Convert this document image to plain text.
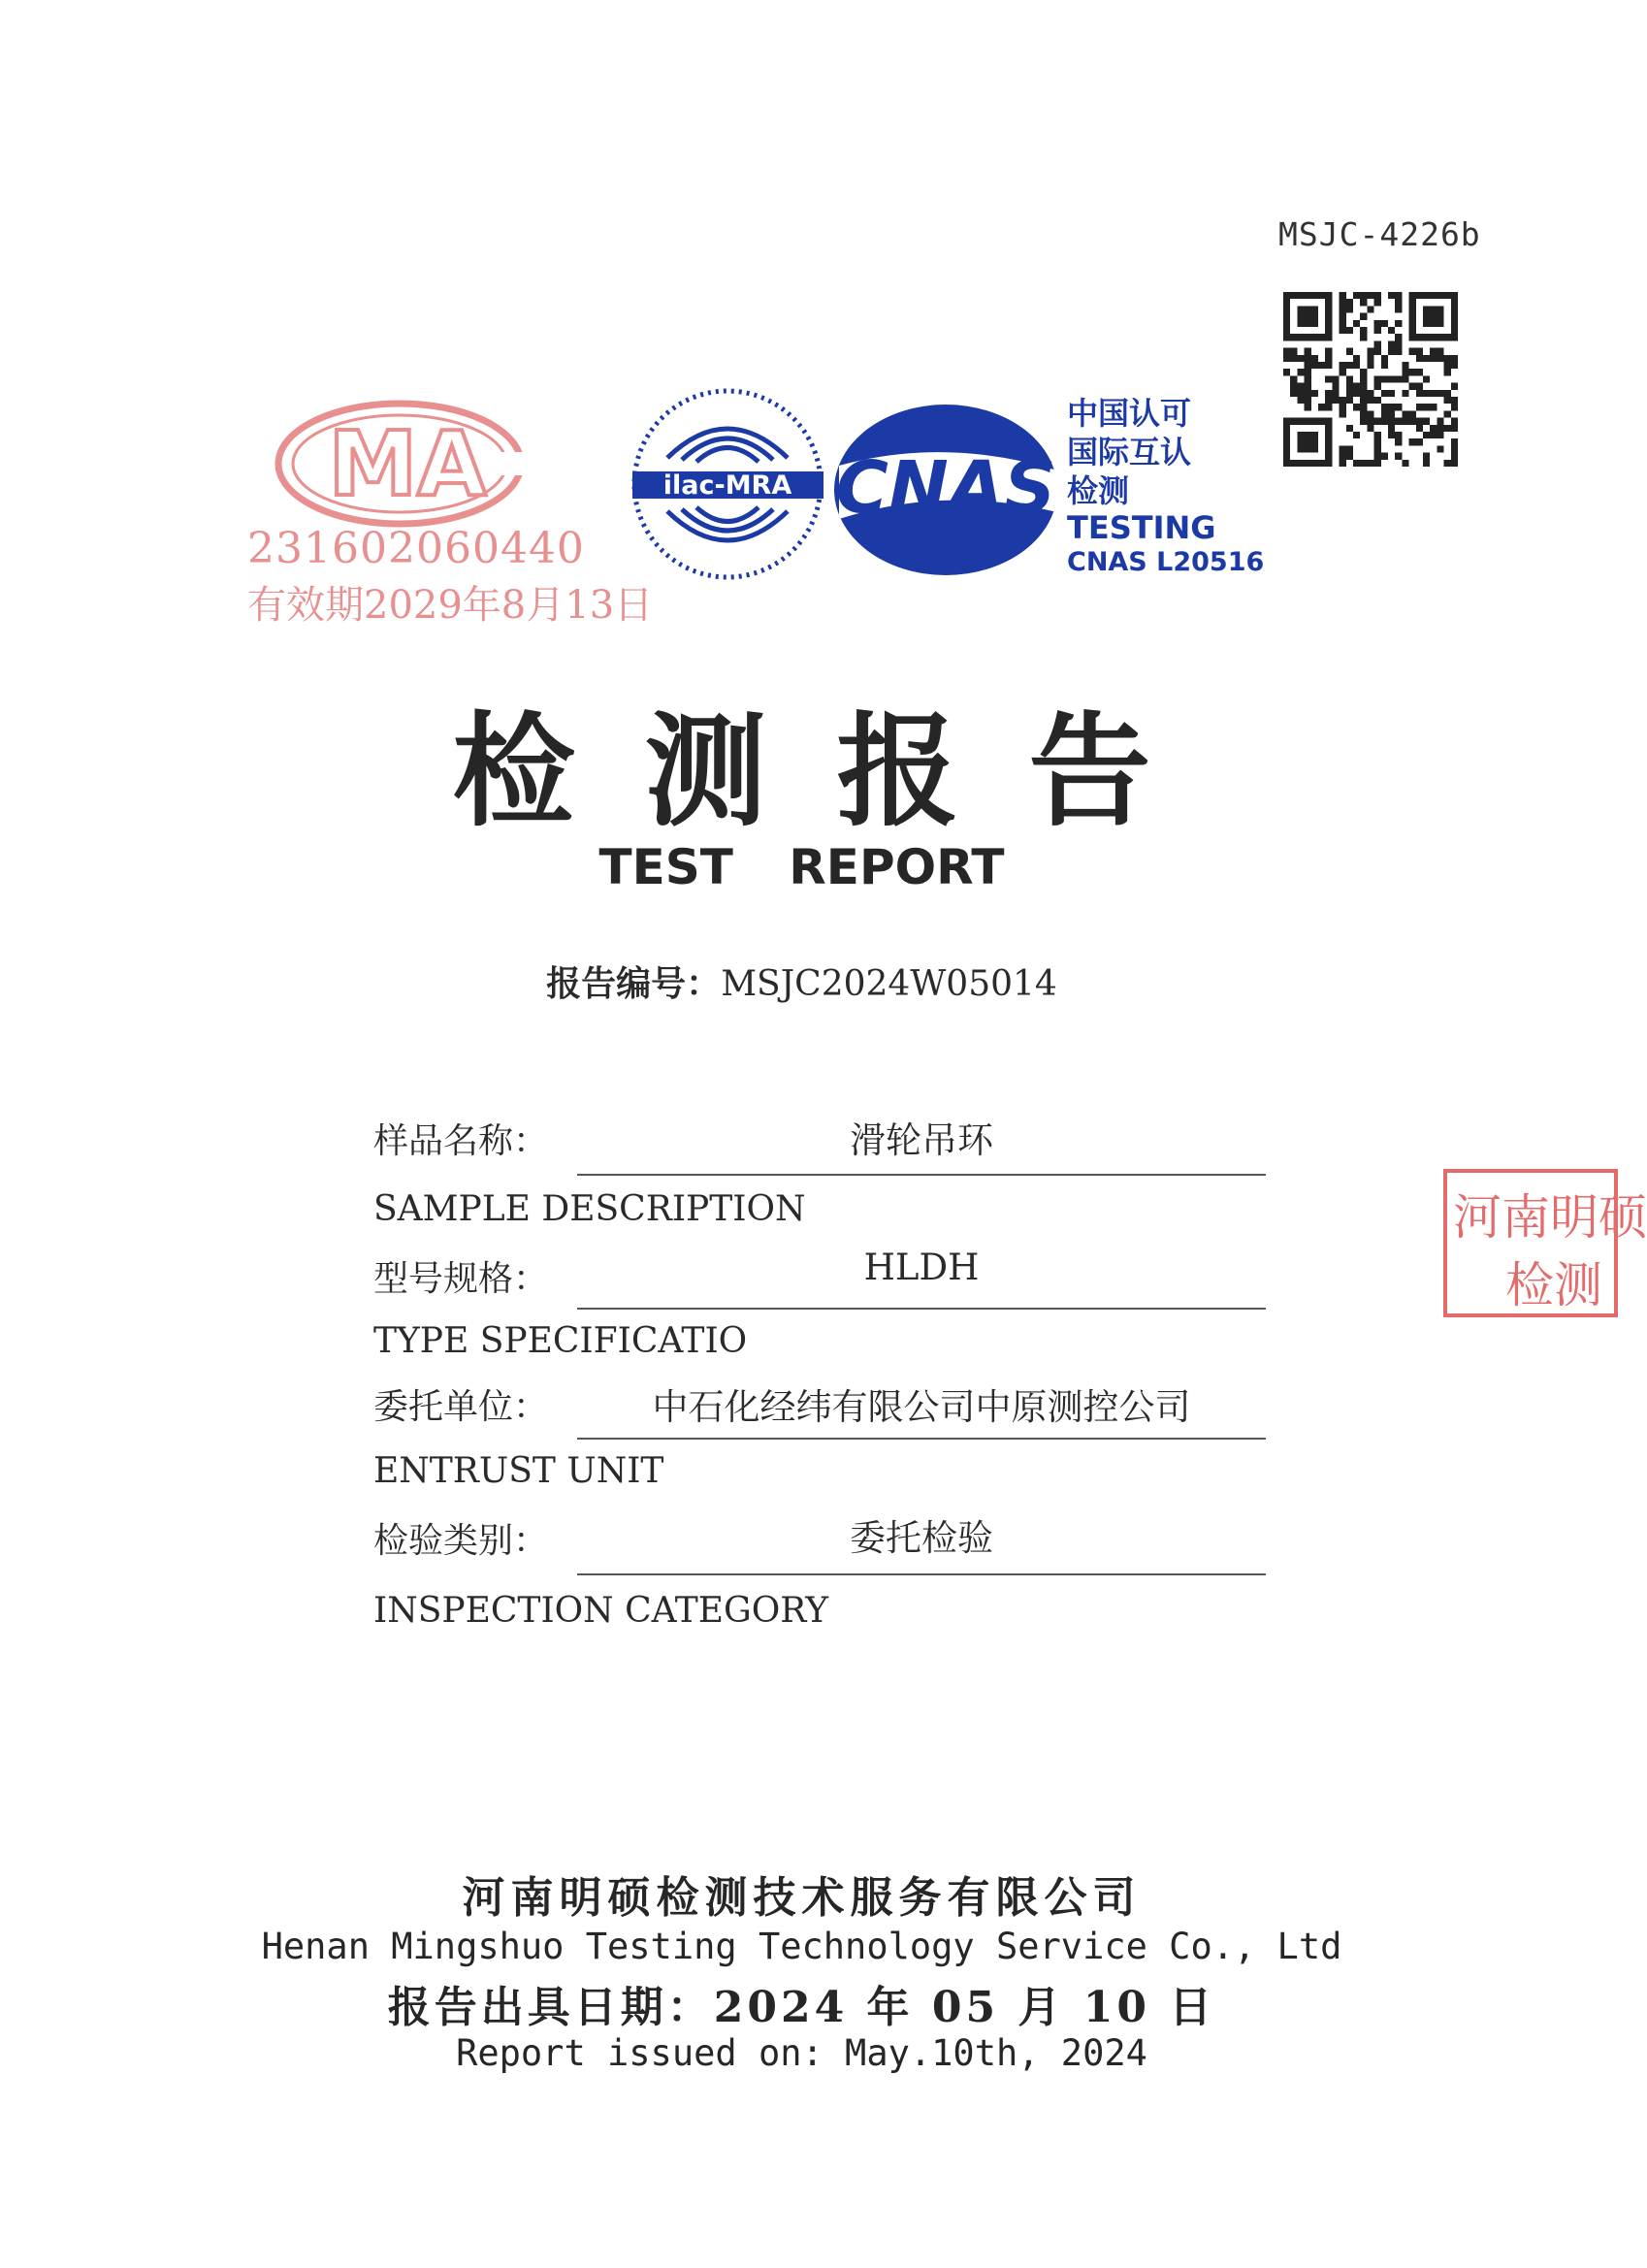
MSJC-4226b
MA
231602060440
有效期2029年8月13日
ilac-MRA CNAS
中国认可
国际互认
检测
TESTING
CNAS L20516
检测报告
TEST REPORT
报告编号：MSJC2024W05014
样品名称：	滑轮吊环
SAMPLE DESCRIPTION
型号规格：	HLDH
TYPE SPECIFICATIO
委托单位：	中石化经纬有限公司中原测控公司
ENTRUST UNIT
检验类别：	委托检验
INSPECTION CATEGORY
河南明硕
检测
河南明硕检测技术服务有限公司
Henan Mingshuo Testing Technology Service Co., Ltd
报告出具日期：2024 年 05 月 10 日
Report issued on: May.10th, 2024
